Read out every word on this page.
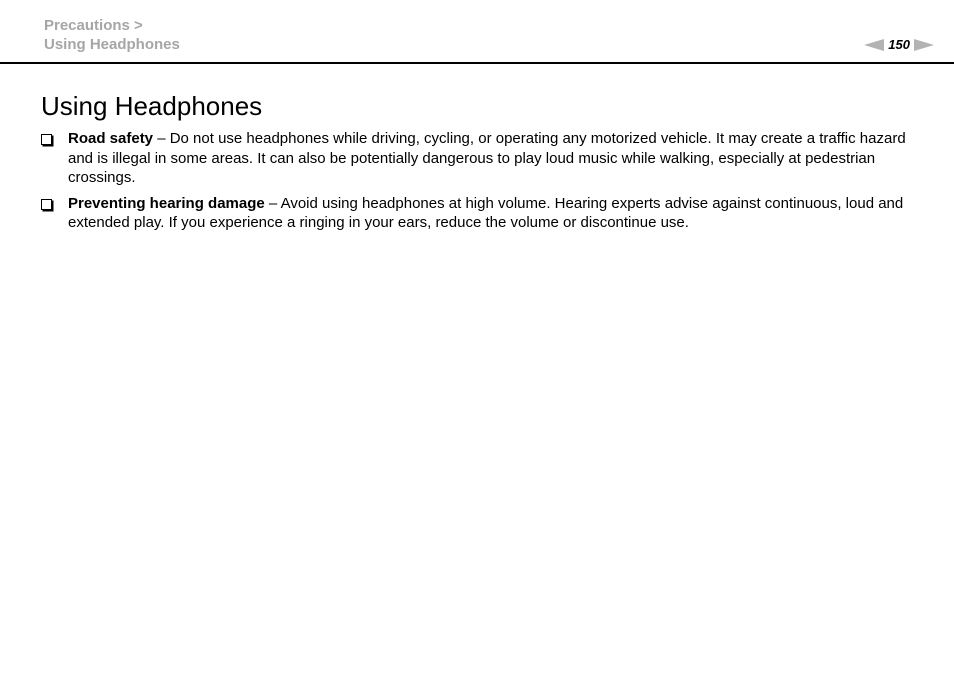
Precautions >
Using Headphones	150
Using Headphones
Road safety – Do not use headphones while driving, cycling, or operating any motorized vehicle. It may create a traffic hazard and is illegal in some areas. It can also be potentially dangerous to play loud music while walking, especially at pedestrian crossings.
Preventing hearing damage – Avoid using headphones at high volume. Hearing experts advise against continuous, loud and extended play. If you experience a ringing in your ears, reduce the volume or discontinue use.
